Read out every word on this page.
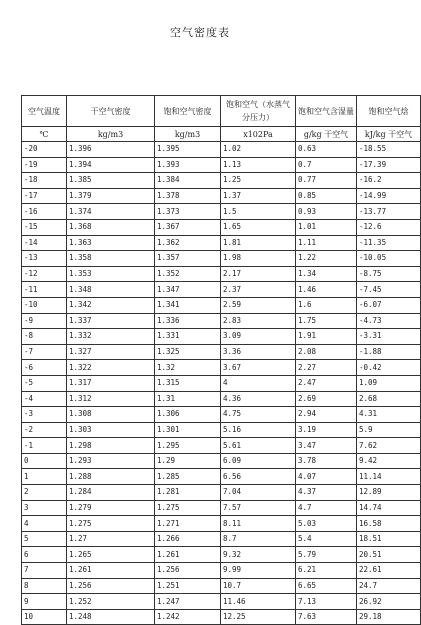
空气密度表
空气温度	干空气密度	饱和空气密度	饱和空气（水蒸气分压力）	饱和空气含湿量	饱和空气焓
℃	kg/m3	kg/m3	x102Pa	g/kg 干空气	kJ/kg 干空气
-20	1.396	1.395	1.02	0.63	-18.55
-19	1.394	1.393	1.13	0.7	-17.39
-18	1.385	1.384	1.25	0.77	-16.2
-17	1.379	1.378	1.37	0.85	-14.99
-16	1.374	1.373	1.5	0.93	-13.77
-15	1.368	1.367	1.65	1.01	-12.6
-14	1.363	1.362	1.81	1.11	-11.35
-13	1.358	1.357	1.98	1.22	-10.05
-12	1.353	1.352	2.17	1.34	-8.75
-11	1.348	1.347	2.37	1.46	-7.45
-10	1.342	1.341	2.59	1.6	-6.07
-9	1.337	1.336	2.83	1.75	-4.73
-8	1.332	1.331	3.09	1.91	-3.31
-7	1.327	1.325	3.36	2.08	-1.88
-6	1.322	1.32	3.67	2.27	-0.42
-5	1.317	1.315	4	2.47	1.09
-4	1.312	1.31	4.36	2.69	2.68
-3	1.308	1.306	4.75	2.94	4.31
-2	1.303	1.301	5.16	3.19	5.9
-1	1.298	1.295	5.61	3.47	7.62
0	1.293	1.29	6.09	3.78	9.42
1	1.288	1.285	6.56	4.07	11.14
2	1.284	1.281	7.04	4.37	12.89
3	1.279	1.275	7.57	4.7	14.74
4	1.275	1.271	8.11	5.03	16.58
5	1.27	1.266	8.7	5.4	18.51
6	1.265	1.261	9.32	5.79	20.51
7	1.261	1.256	9.99	6.21	22.61
8	1.256	1.251	10.7	6.65	24.7
9	1.252	1.247	11.46	7.13	26.92
10	1.248	1.242	12.25	7.63	29.18
